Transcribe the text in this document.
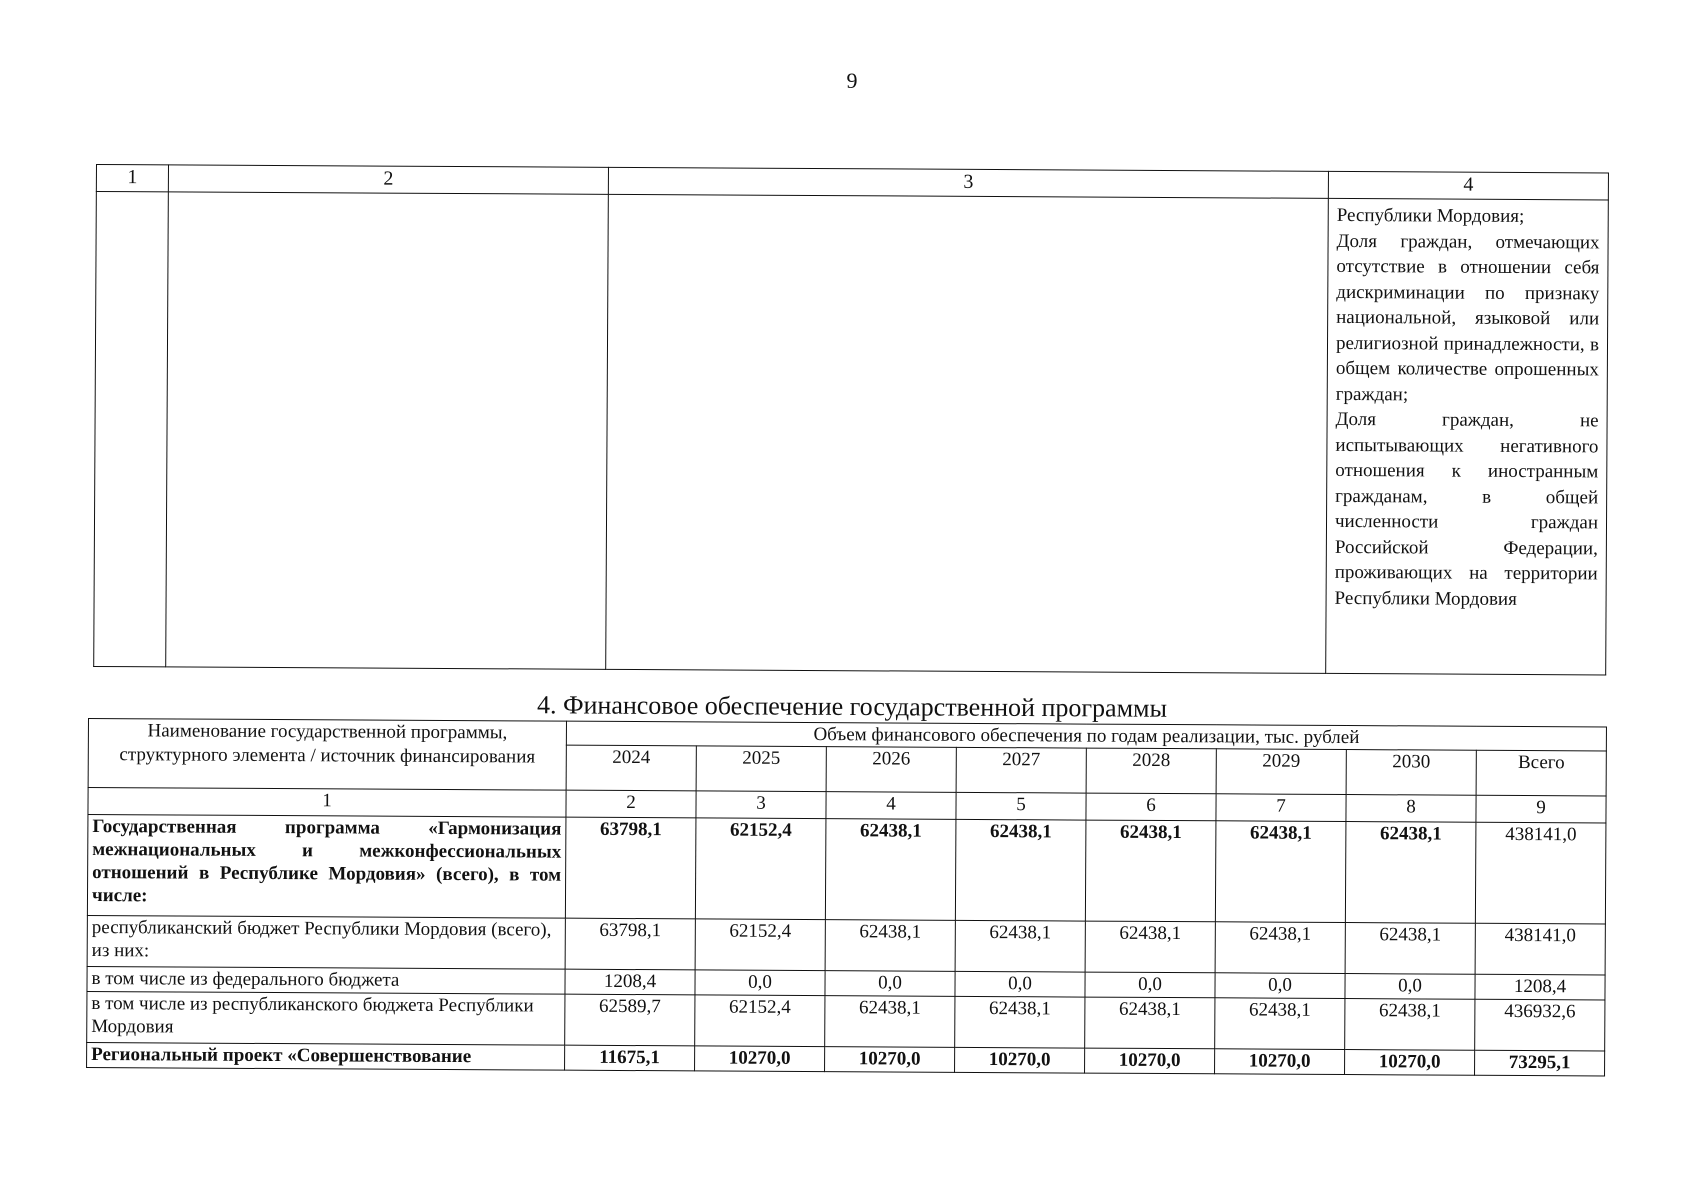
9
1	2	3	4

			Республики Мордовия;

Доля граждан, отмечающих отсутствие в отношении себя дискриминации по признаку национальной, языковой или религиозной принадлежности, в общем количестве опрошенных граждан;

Доля граждан, не испытывающих негативного отношения к иностранным гражданам, в общей численности граждан Российской Федерации, проживающих на территории Республики Мордовия

4. Финансовое обеспечение государственной программы
Наименование государственной программы, структурного элемента / источник финансирования	Объем финансового обеспечения по годам реализации, тыс. рублей							
	2024	2025	2026	2027	2028	2029	2030	Всего
1	2	3	4	5	6	7	8	9
Государственная программа «Гармонизация межнациональных и межконфессиональных отношений в Республике Мордовия» (всего), в том числе:	63798,1	62152,4	62438,1	62438,1	62438,1	62438,1	62438,1	438141,0
республиканский бюджет Республики Мордовия (всего), из них:	63798,1	62152,4	62438,1	62438,1	62438,1	62438,1	62438,1	438141,0
в том числе из федерального бюджета	1208,4	0,0	0,0	0,0	0,0	0,0	0,0	1208,4
в том числе из республиканского бюджета Республики Мордовия	62589,7	62152,4	62438,1	62438,1	62438,1	62438,1	62438,1	436932,6
Региональный проект «Совершенствование	11675,1	10270,0	10270,0	10270,0	10270,0	10270,0	10270,0	73295,1
